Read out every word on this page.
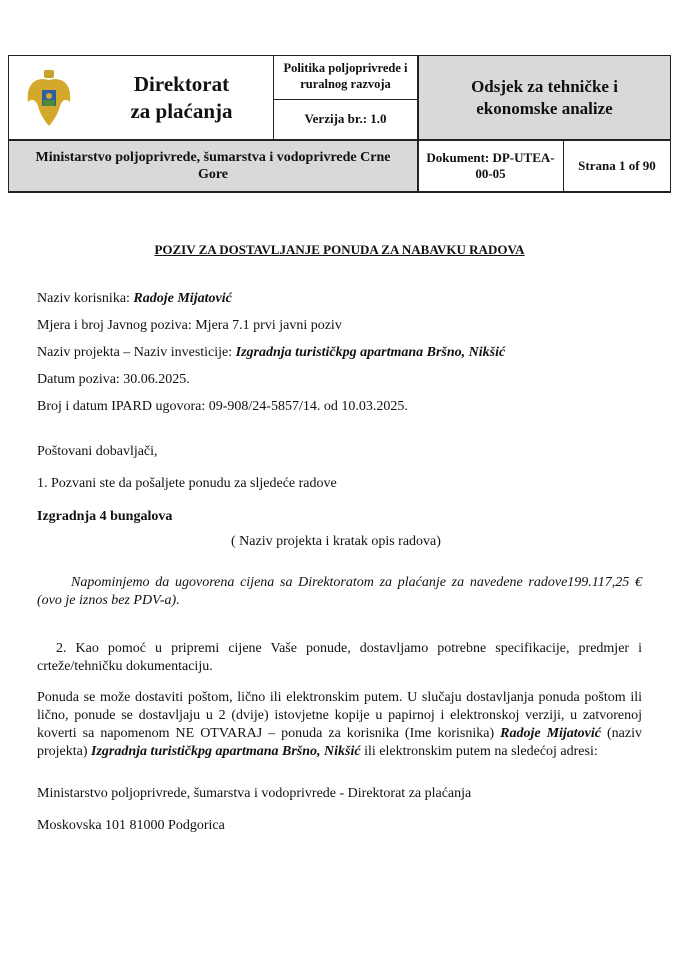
Odsjek za tehničke i ekonomske analize
Ministarstvo poljoprivrede, šumarstva i vodoprivrede Crne Gore
Direktorat za plaćanja
Politika poljoprivrede i ruralnog razvoja
Verzija br.: 1.0
Dokument: DP-UTEA-00-05
Strana 1 of 90
POZIV ZA DOSTAVLJANJE PONUDA ZA NABAVKU RADOVA
Naziv korisnika: Radoje Mijatović
Mjera i broj Javnog poziva: Mjera 7.1 prvi javni poziv
Naziv projekta – Naziv investicije: Izgradnja turističkpg apartmana Bršno, Nikšić
Datum poziva: 30.06.2025.
Broj i datum IPARD ugovora: 09-908/24-5857/14. od 10.03.2025.
Poštovani dobavljači,
1. Pozvani ste da pošaljete ponudu za sljedeće radove
Izgradnja 4 bungalova
( Naziv projekta i kratak opis radova)
Napominjemo da ugovorena cijena sa Direktoratom za plaćanje za navedene radove199.117,25 € (ovo je iznos bez PDV-a).
2. Kao pomoć u pripremi cijene Vaše ponude, dostavljamo potrebne specifikacije, predmjer i crteže/tehničku dokumentaciju.
Ponuda se može dostaviti poštom, lično ili elektronskim putem. U slučaju dostavljanja ponuda poštom ili lično, ponude se dostavljaju u 2 (dvije) istovjetne kopije u papirnoj i elektronskoj verziji, u zatvorenoj koverti sa napomenom NE OTVARAJ – ponuda za korisnika (Ime korisnika) Radoje Mijatović (naziv projekta) Izgradnja turističkpg apartmana Bršno, Nikšić ili elektronskim putem na sledećoj adresi:
Ministarstvo poljoprivrede, šumarstva i vodoprivrede - Direktorat za plaćanja
Moskovska 101 81000 Podgorica
